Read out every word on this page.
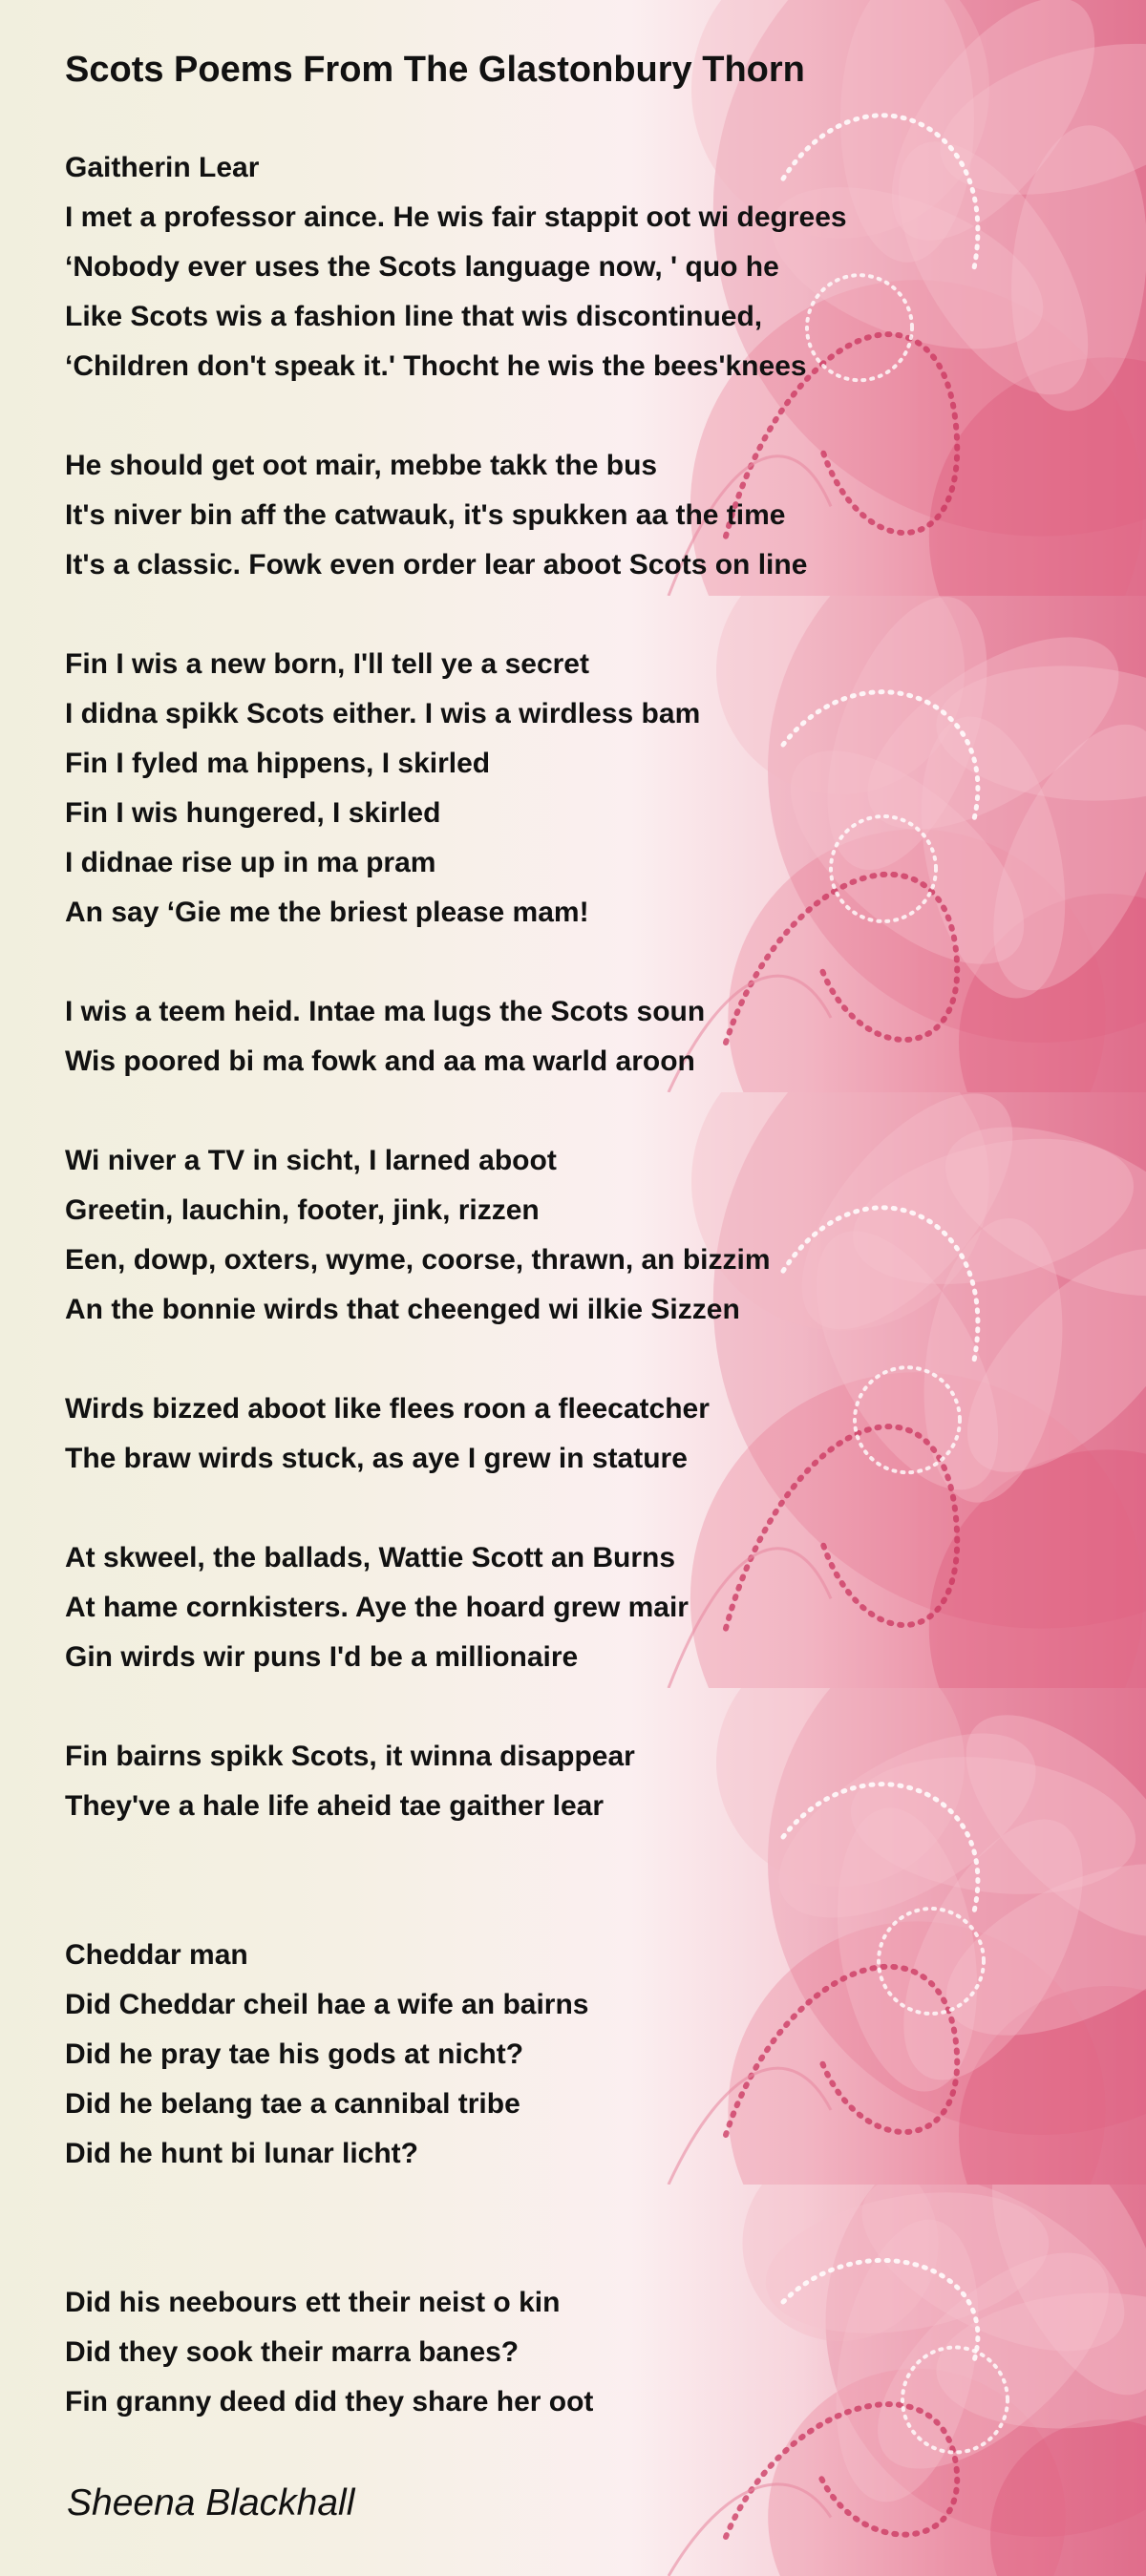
Scots Poems From The Glastonbury Thorn
Gaitherin Lear
I met a professor aince. He wis fair stappit oot wi degrees
‘Nobody ever uses the Scots language now, ' quo he
Like Scots wis a fashion line that wis discontinued,
‘Children don't speak it.' Thocht he wis the bees'knees
He should get oot mair, mebbe takk the bus
It's niver bin aff the catwauk, it's spukken aa the time
It's a classic. Fowk even order lear aboot Scots on line
Fin I wis a new born, I'll tell ye a secret
I didna spikk Scots either. I wis a wirdless bam
Fin I fyled ma hippens, I skirled
Fin I wis hungered, I skirled
I didnae rise up in ma pram
An say ‘Gie me the briest please mam!
I wis a teem heid. Intae ma lugs the Scots soun
Wis poored bi ma fowk and aa ma warld aroon
Wi niver a TV in sicht, I larned aboot
Greetin, lauchin, footer, jink, rizzen
Een, dowp, oxters, wyme, coorse, thrawn, an bizzim
An the bonnie wirds that cheenged wi ilkie Sizzen
Wirds bizzed aboot like flees roon a fleecatcher
The braw wirds stuck, as aye I grew in stature
At skweel, the ballads, Wattie Scott an Burns
At hame cornkisters. Aye the hoard grew mair
Gin wirds wir puns I'd be a millionaire
Fin bairns spikk Scots, it winna disappear
They've a hale life aheid tae gaither lear
Cheddar man
Did Cheddar cheil hae a wife an bairns
Did he pray tae his gods at nicht?
Did he belang tae a cannibal tribe
Did he hunt bi lunar licht?
Did his neebours ett their neist o kin
Did they sook their marra banes?
Fin granny deed did they share her oot
Sheena Blackhall
